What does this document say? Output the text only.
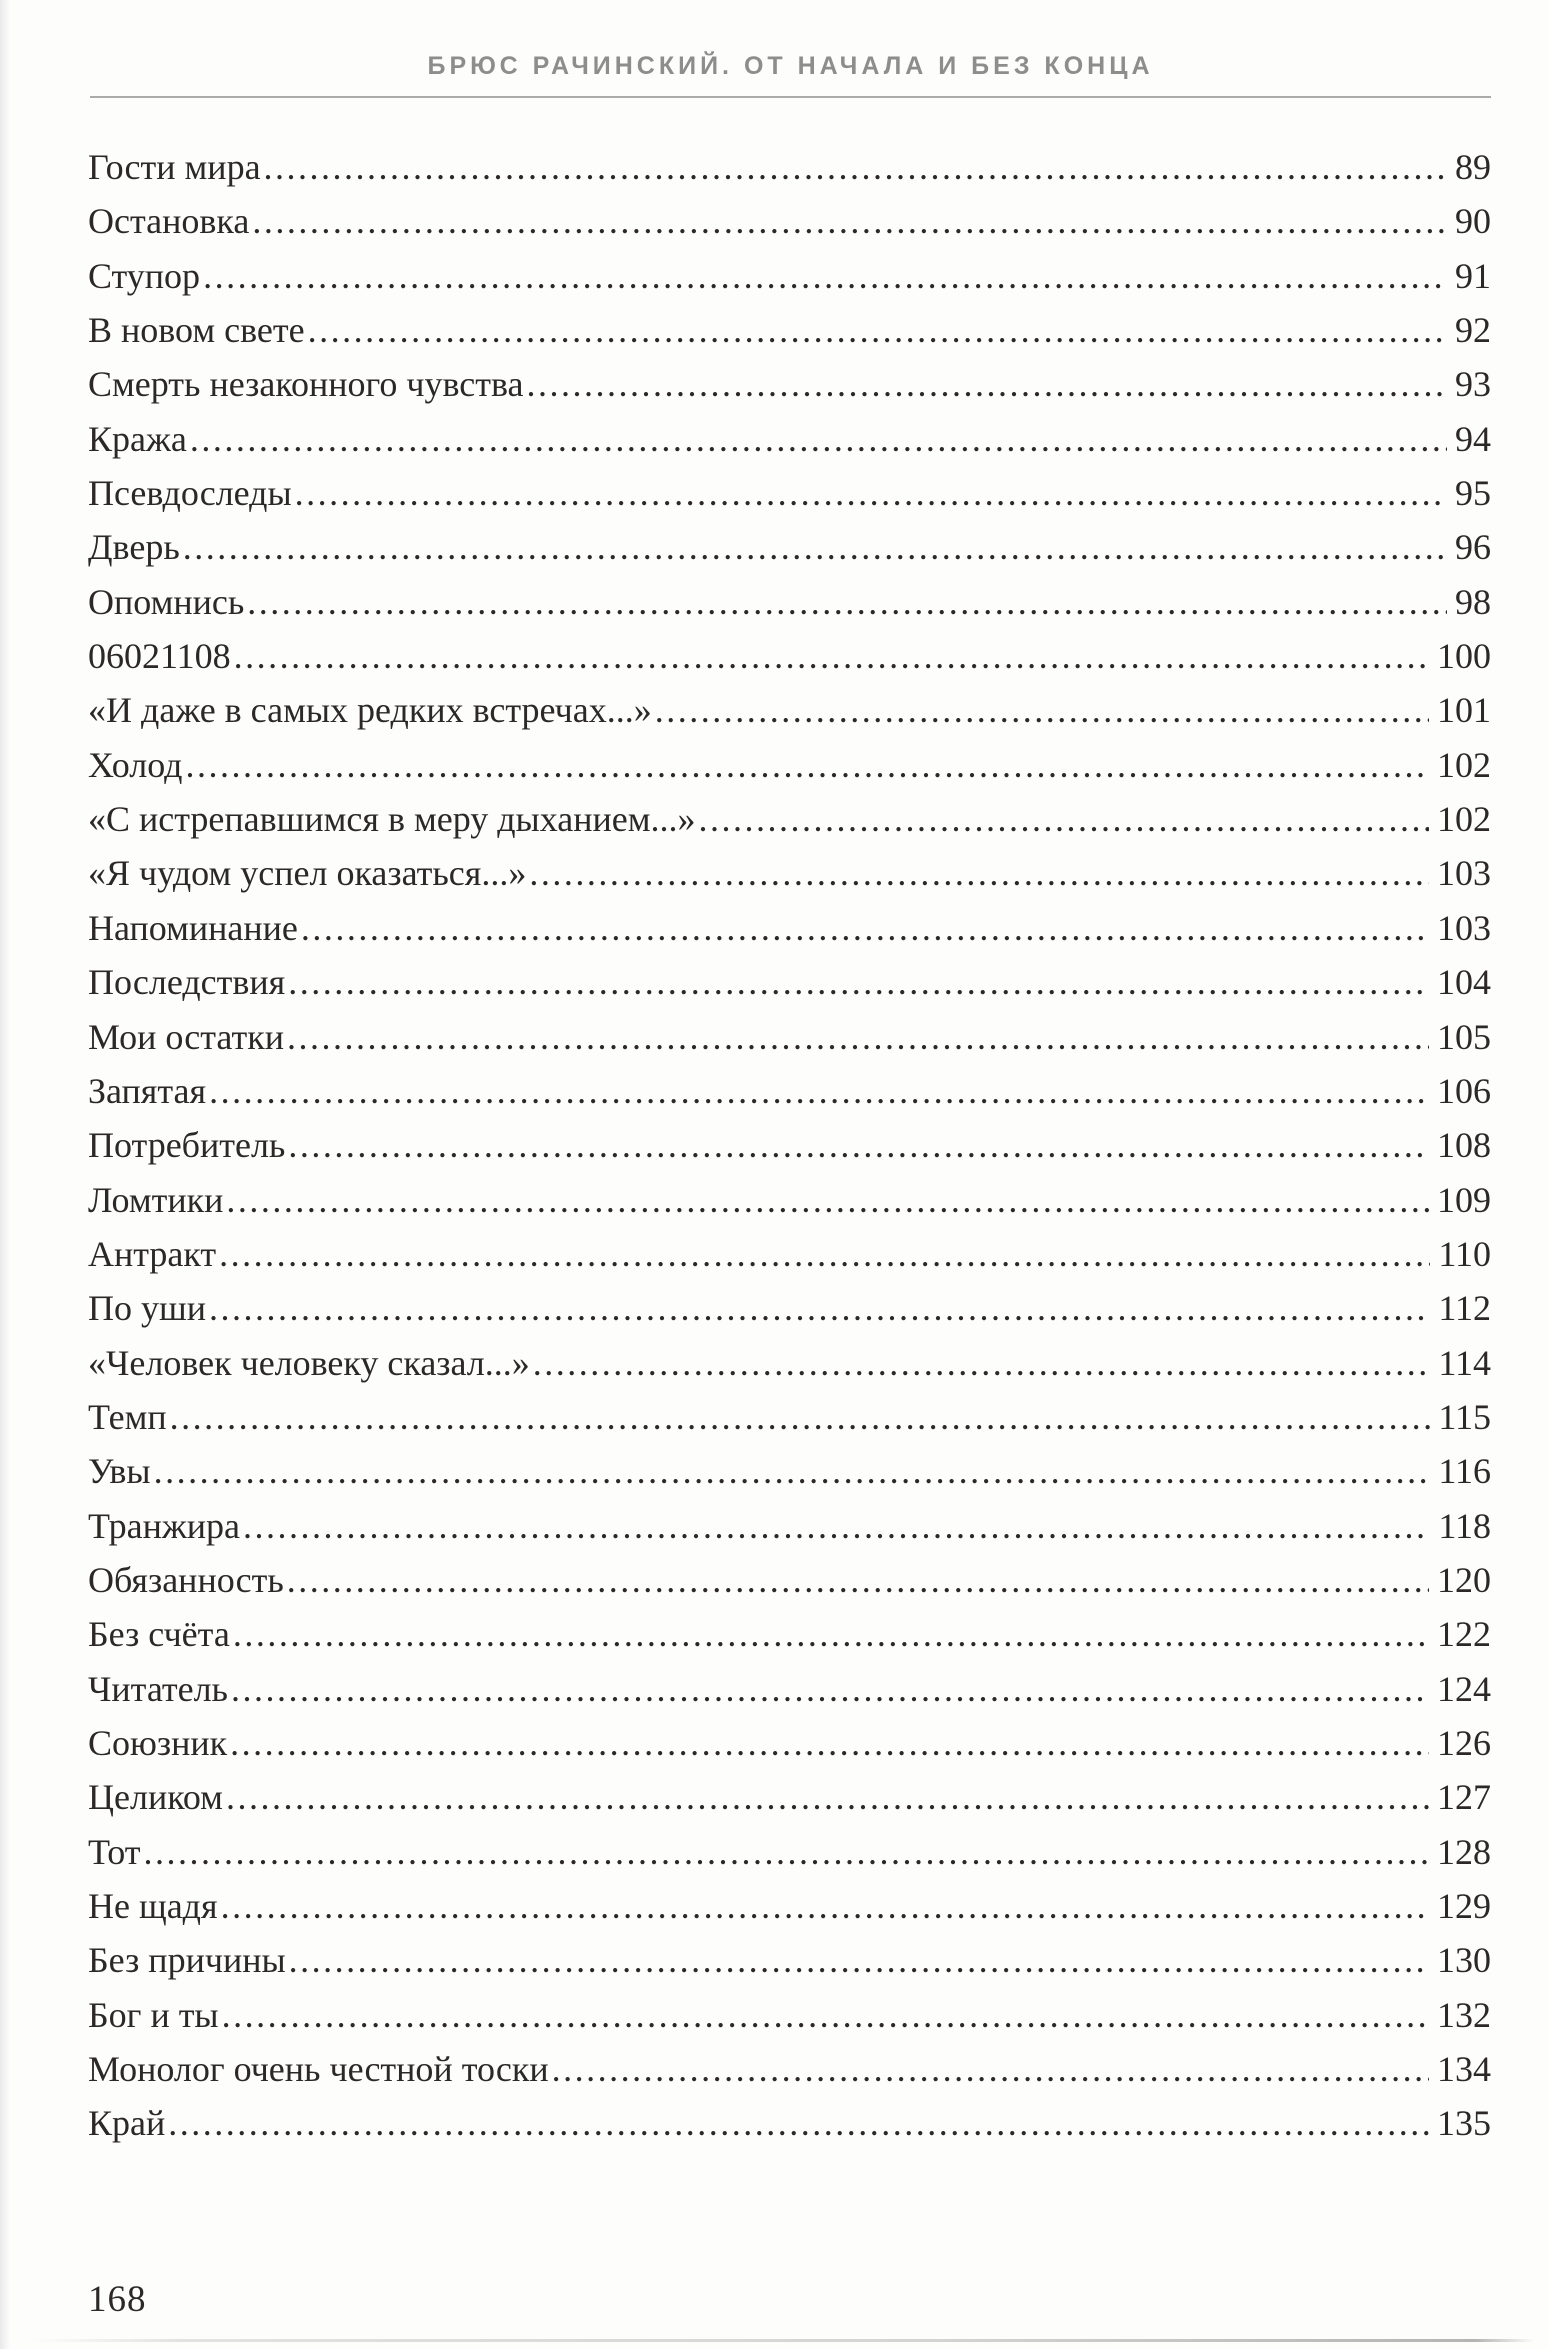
БРЮС РАЧИНСКИЙ. ОТ НАЧАЛА И БЕЗ КОНЦА
Гости мира .....	89
Остановка .....	90
Ступор .....	91
В новом свете .....	92
Смерть незаконного чувства .....	93
Кража .....	94
Псевдоследы .....	95
Дверь .....	96
Опомнись .....	98
06021108 .....	100
«И даже в самых редких встречах...» .....	101
Холод .....	102
«С истрепавшимся в меру дыханием...» .....	102
«Я чудом успел оказаться...» .....	103
Напоминание .....	103
Последствия .....	104
Мои остатки .....	105
Запятая .....	106
Потребитель .....	108
Ломтики .....	109
Антракт .....	110
По уши .....	112
«Человек человеку сказал...» .....	114
Темп .....	115
Увы .....	116
Транжира .....	118
Обязанность .....	120
Без счёта .....	122
Читатель .....	124
Союзник .....	126
Целиком .....	127
Тот .....	128
Не щадя .....	129
Без причины .....	130
Бог и ты .....	132
Монолог очень честной тоски .....	134
Край .....	135
168
